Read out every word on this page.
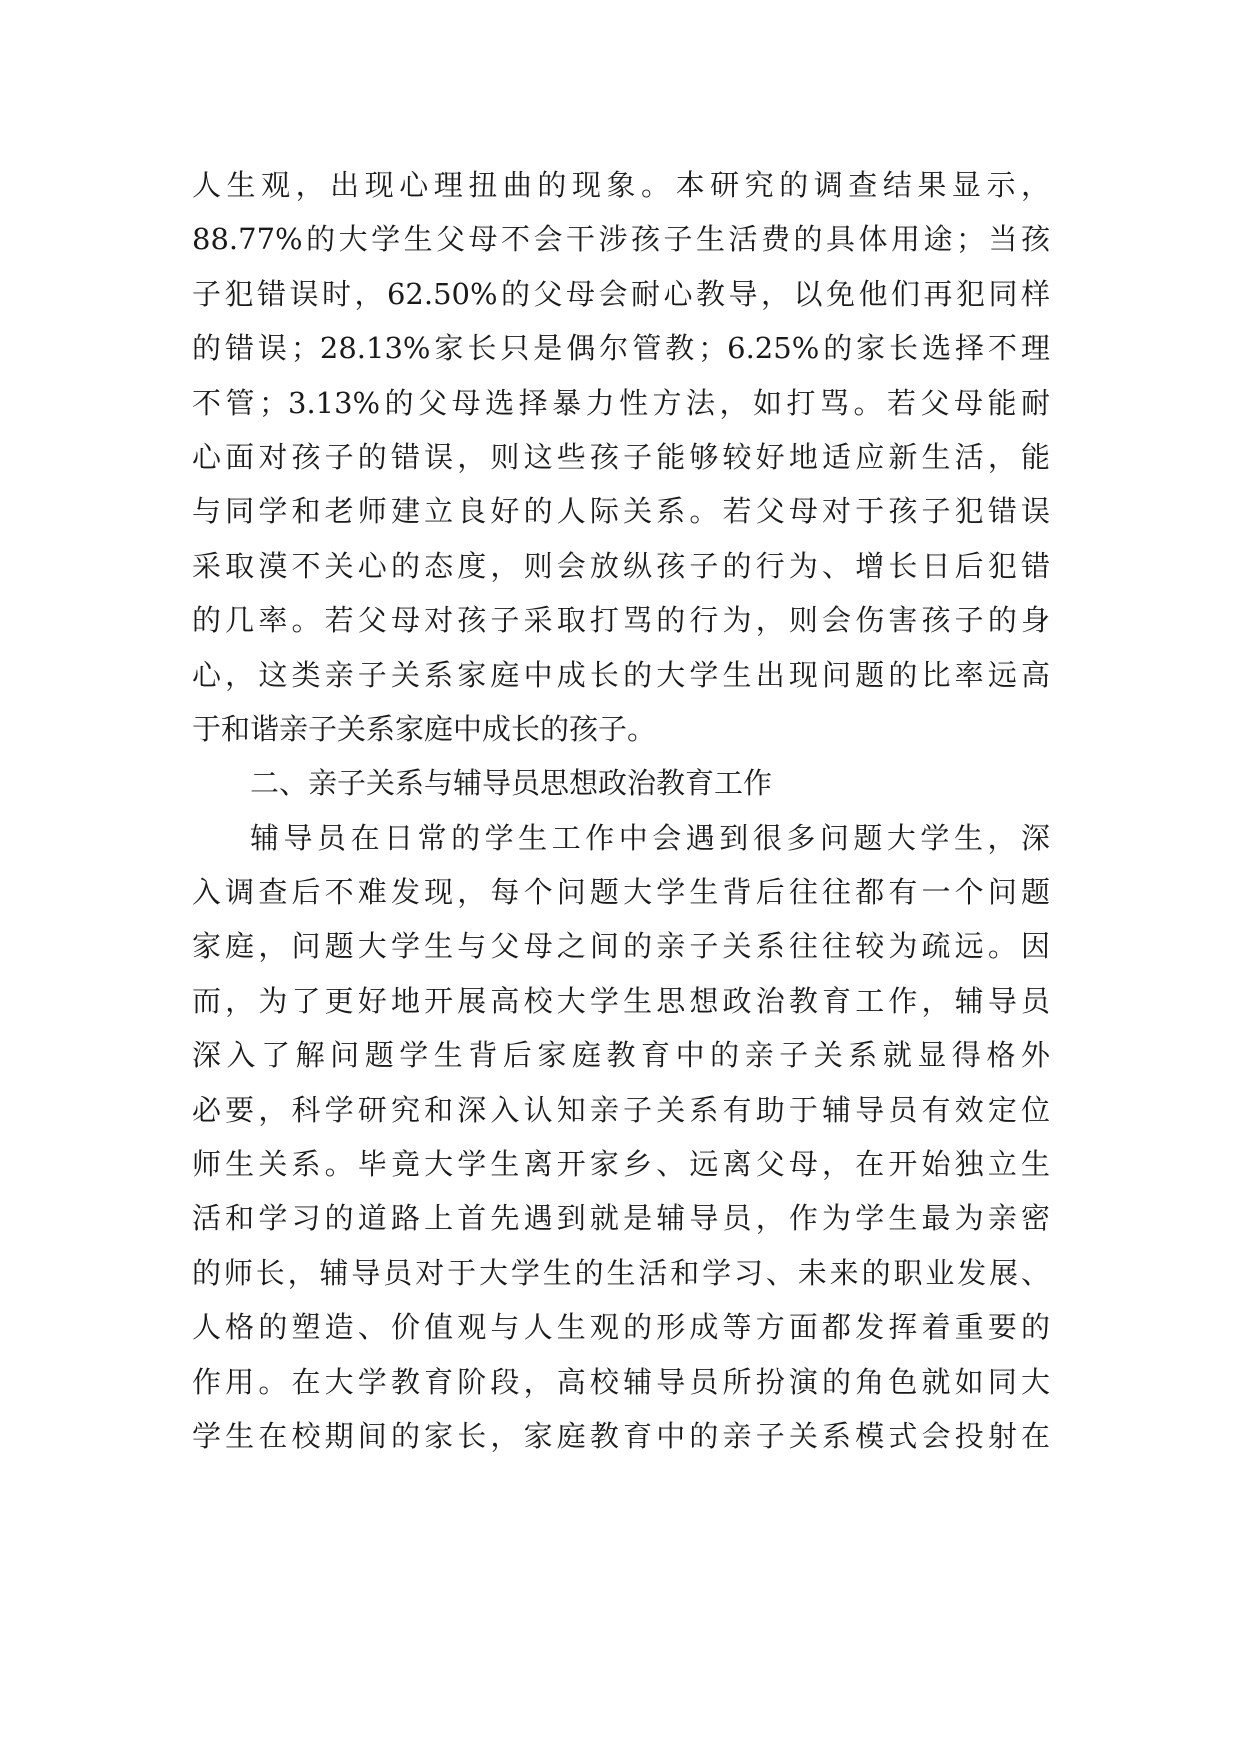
人生观，出现心理扭曲的现象。本研究的调查结果显示，
88.77%的大学生父母不会干涉孩子生活费的具体用途；当孩
子犯错误时，62.50%的父母会耐心教导，以免他们再犯同样
的错误；28.13%家长只是偶尔管教；6.25%的家长选择不理
不管；3.13%的父母选择暴力性方法，如打骂。若父母能耐
心面对孩子的错误，则这些孩子能够较好地适应新生活，能
与同学和老师建立良好的人际关系。若父母对于孩子犯错误
采取漠不关心的态度，则会放纵孩子的行为、增长日后犯错
的几率。若父母对孩子采取打骂的行为，则会伤害孩子的身
心，这类亲子关系家庭中成长的大学生出现问题的比率远高
于和谐亲子关系家庭中成长的孩子。
二、亲子关系与辅导员思想政治教育工作
辅导员在日常的学生工作中会遇到很多问题大学生，深
入调查后不难发现，每个问题大学生背后往往都有一个问题
家庭，问题大学生与父母之间的亲子关系往往较为疏远。因
而，为了更好地开展高校大学生思想政治教育工作，辅导员
深入了解问题学生背后家庭教育中的亲子关系就显得格外
必要，科学研究和深入认知亲子关系有助于辅导员有效定位
师生关系。毕竟大学生离开家乡、远离父母，在开始独立生
活和学习的道路上首先遇到就是辅导员，作为学生最为亲密
的师长，辅导员对于大学生的生活和学习、未来的职业发展、
人格的塑造、价值观与人生观的形成等方面都发挥着重要的
作用。在大学教育阶段，高校辅导员所扮演的角色就如同大
学生在校期间的家长，家庭教育中的亲子关系模式会投射在
